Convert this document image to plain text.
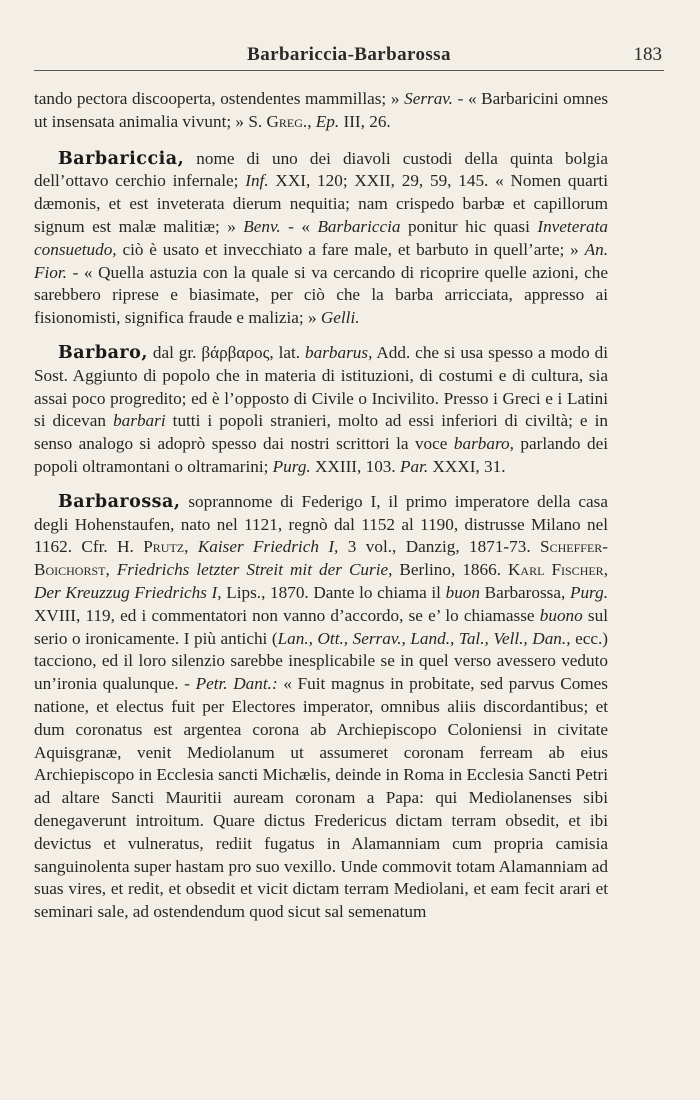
Barbariccia-Barbarossa	183

tando pectora discooperta, ostendentes mammillas; » Serrav. - « Barbaricini omnes ut insensata animalia vivunt; » S. Greg., Ep. III, 26.

Barbariccia, nome di uno dei diavoli custodi della quinta bolgia dell’ottavo cerchio infernale; Inf. XXI, 120; XXII, 29, 59, 145. « Nomen quarti dæmonis, et est inveterata dierum nequitia; nam crispedo barbæ et capillorum signum est malæ malitiæ; » Benv. - « Barbariccia ponitur hic quasi Inveterata consuetudo, ciò è usato et invecchiato a fare male, et barbuto in quell’arte; » An. Fior. - « Quella astuzia con la quale si va cercando di ricoprire quelle azioni, che sarebbero riprese e biasimate, per ciò che la barba arricciata, appresso ai fisionomisti, significa fraude e malizia; » Gelli.

Barbaro, dal gr. βάρβαρος, lat. barbarus, Add. che si usa spesso a modo di Sost. Aggiunto di popolo che in materia di istituzioni, di costumi e di cultura, sia assai poco progredito; ed è l’opposto di Civile o Incivilito. Presso i Greci e i Latini si dicevan barbari tutti i popoli stranieri, molto ad essi inferiori di civiltà; e in senso analogo si adoprò spesso dai nostri scrittori la voce barbaro, parlando dei popoli oltramontani o oltramarini; Purg. XXIII, 103. Par. XXXI, 31.

Barbarossa, soprannome di Federigo I, il primo imperatore della casa degli Hohenstaufen, nato nel 1121, regnò dal 1152 al 1190, distrusse Milano nel 1162. Cfr. H. Prutz, Kaiser Friedrich I, 3 vol., Danzig, 1871-73. Scheffer-Boichorst, Friedrichs letzter Streit mit der Curie, Berlino, 1866. Karl Fischer, Der Kreuzzug Friedrichs I, Lips., 1870. Dante lo chiama il buon Barbarossa, Purg. XVIII, 119, ed i commentatori non vanno d’accordo, se e’ lo chiamasse buono sul serio o ironicamente. I più antichi (Lan., Ott., Serrav., Land., Tal., Vell., Dan., ecc.) tacciono, ed il loro silenzio sarebbe inesplicabile se in quel verso avessero veduto un’ironia qualunque. - Petr. Dant.: « Fuit magnus in probitate, sed parvus Comes natione, et electus fuit per Electores imperator, omnibus aliis discordantibus; et dum coronatus est argentea corona ab Archiepiscopo Coloniensi in civitate Aquisgranæ, venit Mediolanum ut assumeret coronam ferream ab eius Archiepiscopo in Ecclesia sancti Michælis, deinde in Roma in Ecclesia Sancti Petri ad altare Sancti Mauritii auream coronam a Papa: qui Mediolanenses sibi denegaverunt introitum. Quare dictus Fredericus dictam terram obsedit, et ibi devictus et vulneratus, rediit fugatus in Alamanniam cum propria camisia sanguinolenta super hastam pro suo vexillo. Unde commovit totam Alamanniam ad suas vires, et redit, et obsedit et vicit dictam terram Mediolani, et eam fecit arari et seminari sale, ad ostendendum quod sicut sal semenatum
